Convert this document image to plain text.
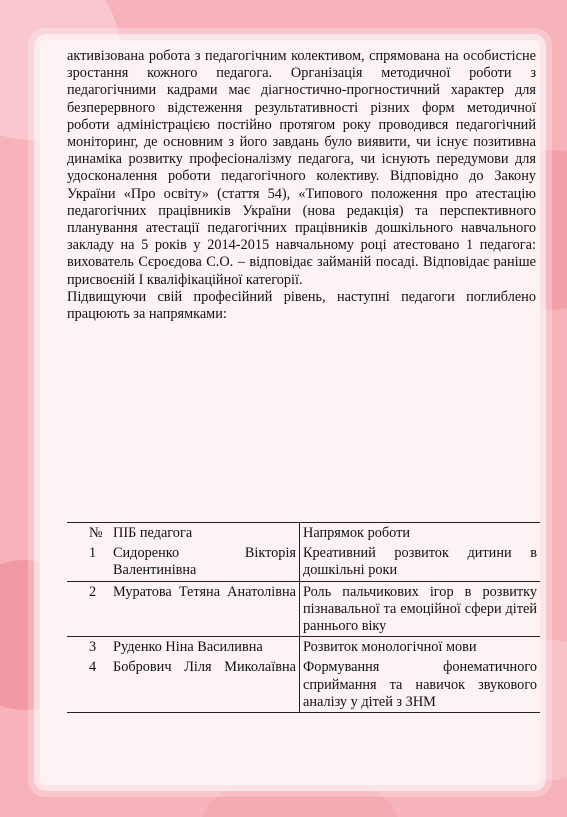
активізована робота з педагогічним колективом, спрямована на особистісне зростання кожного педагога. Організація методичної роботи з педагогічними кадрами має діагностично-прогностичний характер для безперервного відстеження результативності різних форм методичної роботи адміністрацією постійно протягом року проводився педагогічний моніторинг, де основним з його завдань було виявити, чи існує позитивна динаміка розвитку професіоналізму педагога, чи існують передумови для удосконалення роботи педагогічного колективу. Відповідно до Закону України «Про освіту» (стаття 54), «Типового положення про атестацію педагогічних працівників України (нова редакція) та перспективного планування атестації педагогічних працівників дошкільного навчального закладу на 5 років у 2014-2015 навчальному році атестовано 1 педагога: вихователь Сєроєдова С.О. – відповідає займаній посаді. Відповідає раніше присвоєній І кваліфікаційної категорії.

Підвищуючи свій професійний рівень, наступні педагоги поглиблено працюють за напрямками:

№	ПІБ педагога	Напрямок роботи
1	Сидоренко Вікторія Валентинівна	Креативний розвиток дитини в дошкільні роки
2	Муратова Тетяна Анатолівна	Роль пальчикових ігор в розвитку пізнавальної та емоційної сфери дітей раннього віку
3	Руденко Ніна Василивна	Розвиток монологічної мови
4	Бобрович Ліля Миколаївна	Формування фонематичного сприймання та навичок звукового аналізу у дітей з ЗНМ
